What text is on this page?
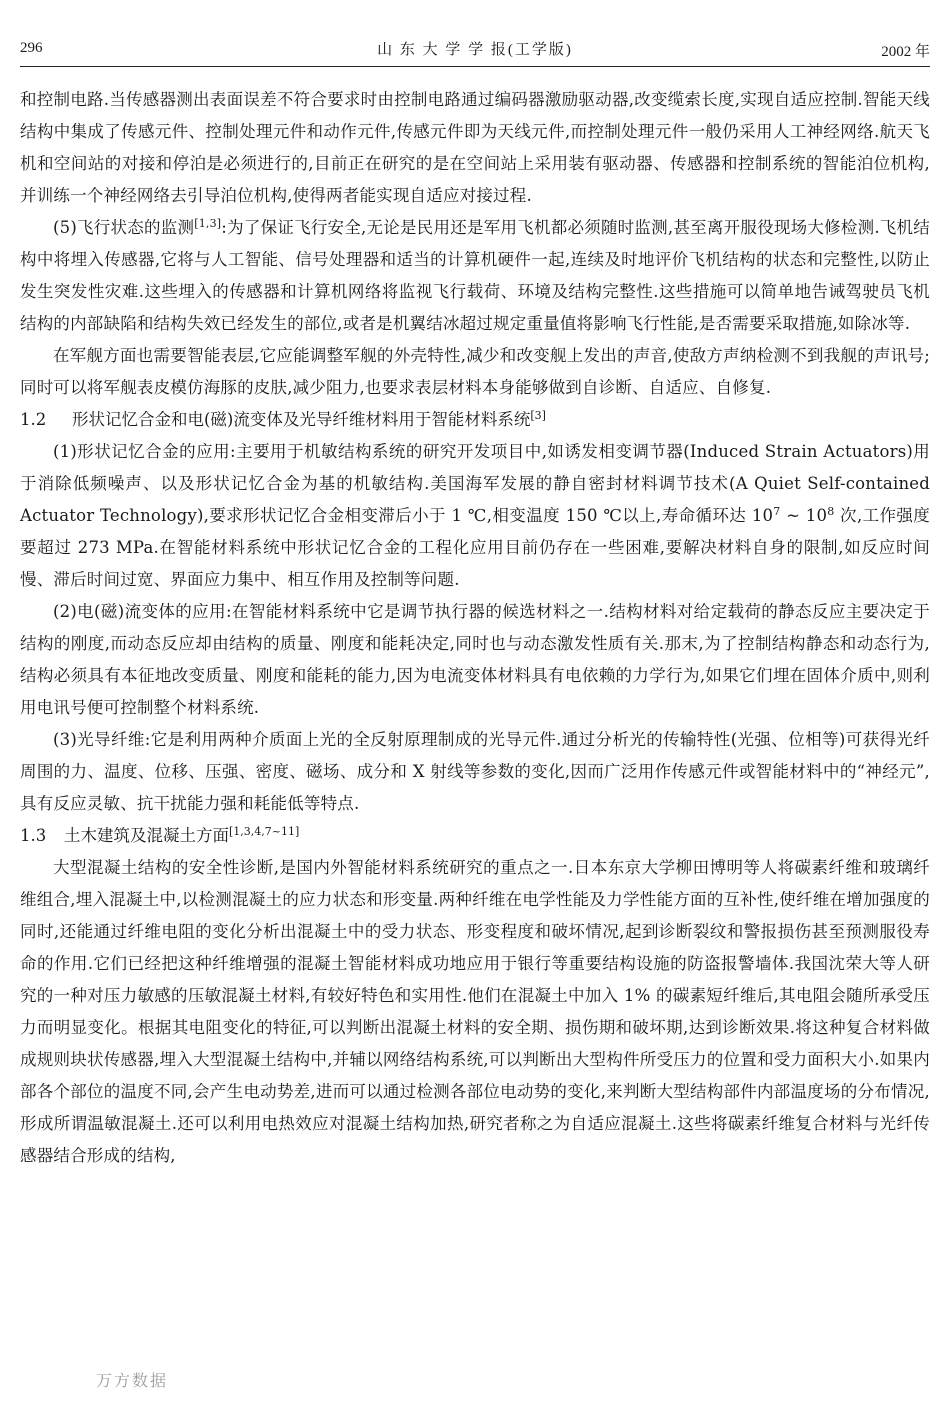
296	山 东 大 学 学 报(工学版)	2002 年

和控制电路.当传感器测出表面误差不符合要求时由控制电路通过编码器激励驱动器,改变缆索长度,实现自适应控制.智能天线结构中集成了传感元件、控制处理元件和动作元件,传感元件即为天线元件,而控制处理元件一般仍采用人工神经网络.航天飞机和空间站的对接和停泊是必须进行的,目前正在研究的是在空间站上采用装有驱动器、传感器和控制系统的智能泊位机构,并训练一个神经网络去引导泊位机构,使得两者能实现自适应对接过程.

(5)飞行状态的监测[1,3]:为了保证飞行安全,无论是民用还是军用飞机都必须随时监测,甚至离开服役现场大修检测.飞机结构中将埋入传感器,它将与人工智能、信号处理器和适当的计算机硬件一起,连续及时地评价飞机结构的状态和完整性,以防止发生突发性灾难.这些埋入的传感器和计算机网络将监视飞行载荷、环境及结构完整性.这些措施可以简单地告诫驾驶员飞机结构的内部缺陷和结构失效已经发生的部位,或者是机翼结冰超过规定重量值将影响飞行性能,是否需要采取措施,如除冰等.

在军舰方面也需要智能表层,它应能调整军舰的外壳特性,减少和改变舰上发出的声音,使敌方声纳检测不到我舰的声讯号;同时可以将军舰表皮模仿海豚的皮肤,减少阻力,也要求表层材料本身能够做到自诊断、自适应、自修复.

1.2 形状记忆合金和电(磁)流变体及光导纤维材料用于智能材料系统[3]

(1)形状记忆合金的应用:主要用于机敏结构系统的研究开发项目中,如诱发相变调节器(Induced Strain Actuators)用于消除低频噪声、以及形状记忆合金为基的机敏结构.美国海军发展的静自密封材料调节技术(A Quiet Self-contained Actuator Technology),要求形状记忆合金相变滞后小于 1 ℃,相变温度 150 ℃以上,寿命循环达 $10^7$ ~ $10^8$ 次,工作强度要超过 273 MPa.在智能材料系统中形状记忆合金的工程化应用目前仍存在一些困难,要解决材料自身的限制,如反应时间慢、滞后时间过宽、界面应力集中、相互作用及控制等问题.

(2)电(磁)流变体的应用:在智能材料系统中它是调节执行器的候选材料之一.结构材料对给定载荷的静态反应主要决定于结构的刚度,而动态反应却由结构的质量、刚度和能耗决定,同时也与动态激发性质有关.那末,为了控制结构静态和动态行为,结构必须具有本征地改变质量、刚度和能耗的能力,因为电流变体材料具有电依赖的力学行为,如果它们埋在固体介质中,则利用电讯号便可控制整个材料系统.

(3)光导纤维:它是利用两种介质面上光的全反射原理制成的光导元件.通过分析光的传输特性(光强、位相等)可获得光纤周围的力、温度、位移、压强、密度、磁场、成分和 X 射线等参数的变化,因而广泛用作传感元件或智能材料中的“神经元”,具有反应灵敏、抗干扰能力强和耗能低等特点.

1.3 土木建筑及混凝土方面[1,3,4,7~11]

大型混凝土结构的安全性诊断,是国内外智能材料系统研究的重点之一.日本东京大学柳田博明等人将碳素纤维和玻璃纤维组合,埋入混凝土中,以检测混凝土的应力状态和形变量.两种纤维在电学性能及力学性能方面的互补性,使纤维在增加强度的同时,还能通过纤维电阻的变化分析出混凝土中的受力状态、形变程度和破坏情况,起到诊断裂纹和警报损伤甚至预测服役寿命的作用.它们已经把这种纤维增强的混凝土智能材料成功地应用于银行等重要结构设施的防盗报警墙体.我国沈荣大等人研究的一种对压力敏感的压敏混凝土材料,有较好特色和实用性.他们在混凝土中加入 1% 的碳素短纤维后,其电阻会随所承受压力而明显变化。根据其电阻变化的特征,可以判断出混凝土材料的安全期、损伤期和破坏期,达到诊断效果.将这种复合材料做成规则块状传感器,埋入大型混凝土结构中,并辅以网络结构系统,可以判断出大型构件所受压力的位置和受力面积大小.如果内部各个部位的温度不同,会产生电动势差,进而可以通过检测各部位电动势的变化,来判断大型结构部件内部温度场的分布情况,形成所谓温敏混凝土.还可以利用电热效应对混凝土结构加热,研究者称之为自适应混凝土.这些将碳素纤维复合材料与光纤传感器结合形成的结构,

万方数据
